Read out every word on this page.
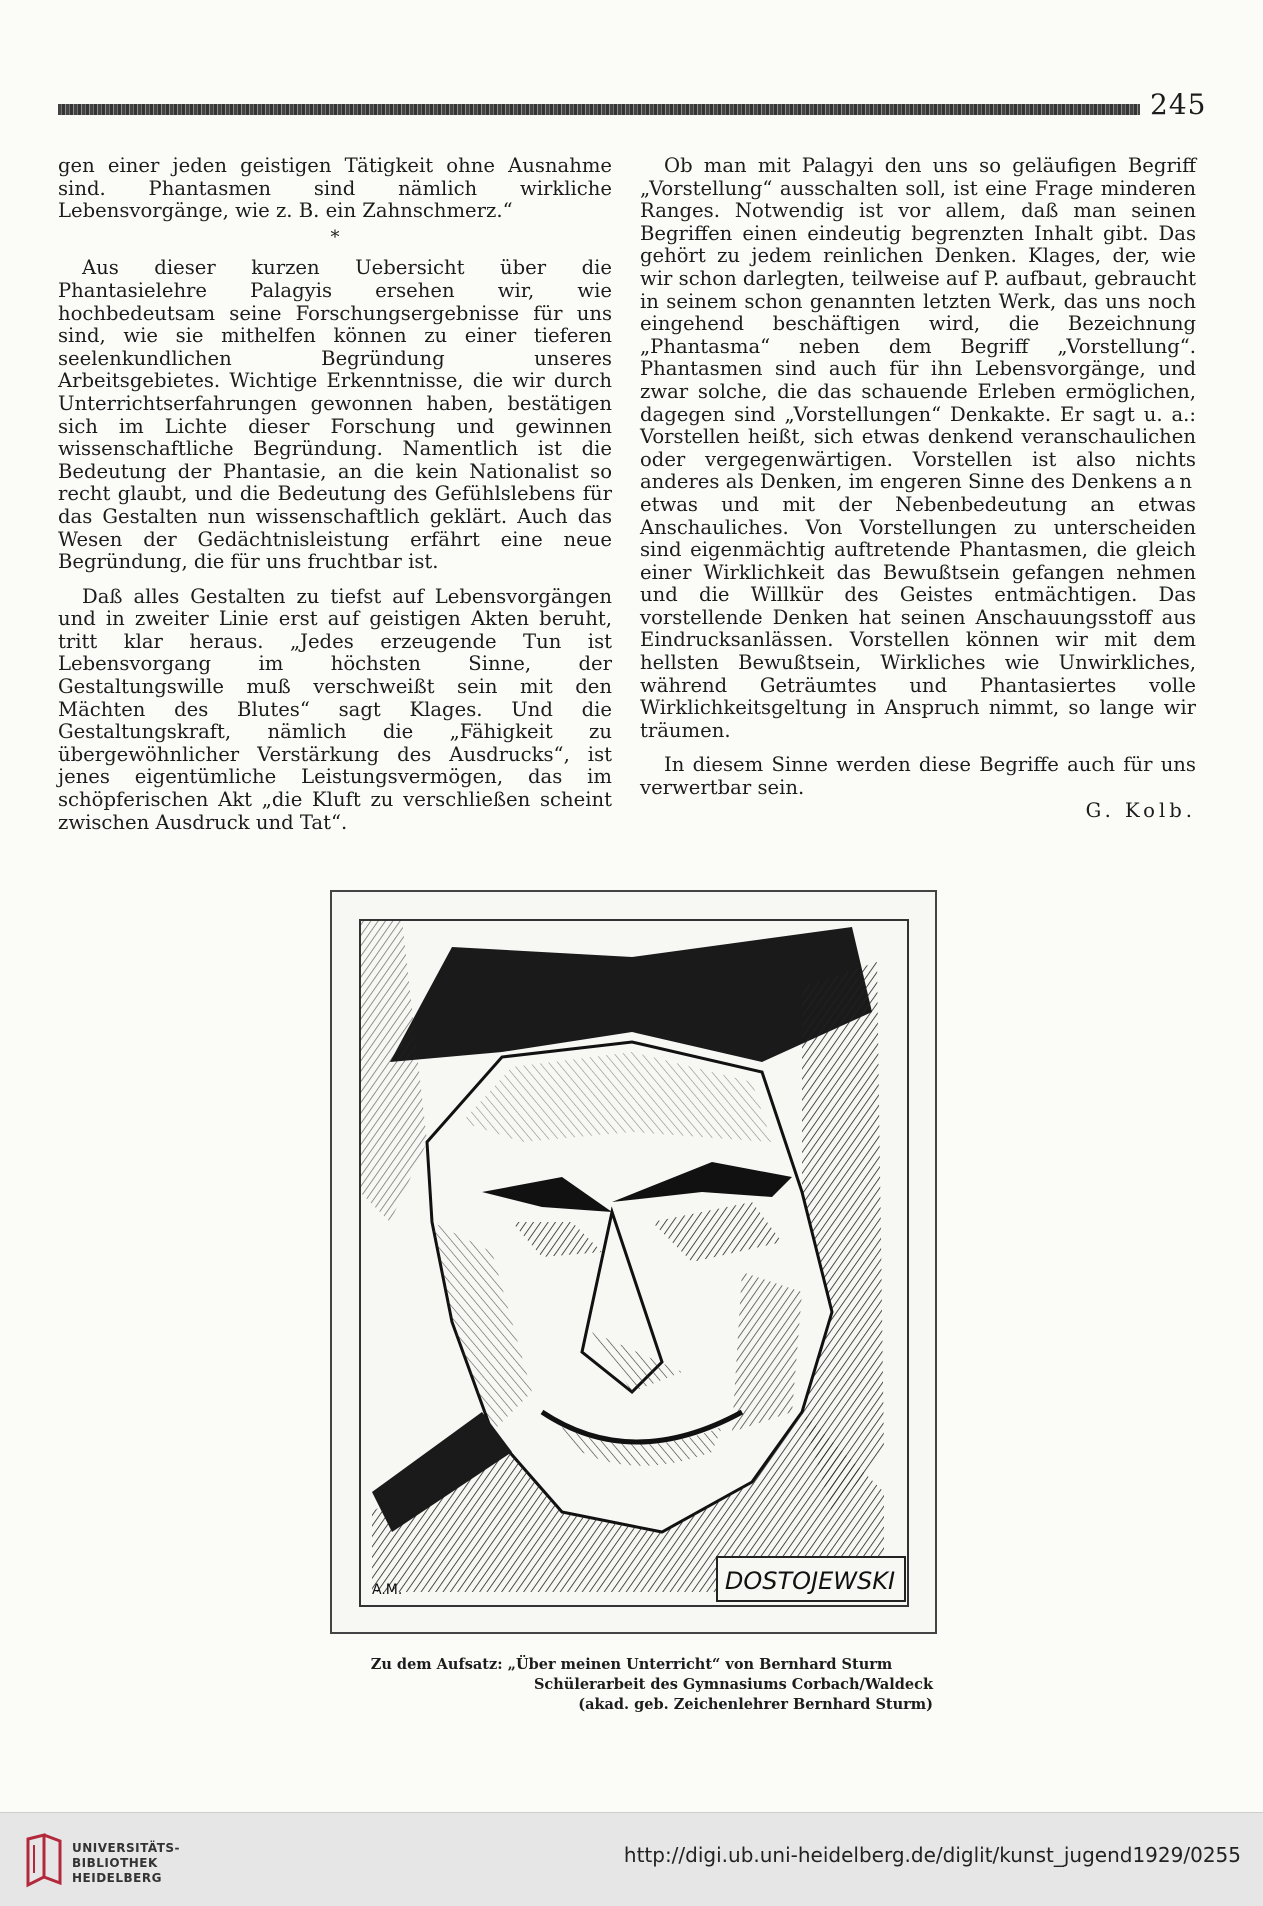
245

gen einer jeden geistigen Tätigkeit ohne Ausnahme sind. Phantasmen sind nämlich wirkliche Lebensvorgänge, wie z. B. ein Zahnschmerz.“

*

Aus dieser kurzen Uebersicht über die Phantasielehre Palagyis ersehen wir, wie hochbedeutsam seine Forschungsergebnisse für uns sind, wie sie mithelfen können zu einer tieferen seelenkundlichen Begründung unseres Arbeitsgebietes. Wichtige Erkenntnisse, die wir durch Unterrichtserfahrungen gewonnen haben, bestätigen sich im Lichte dieser Forschung und gewinnen wissenschaftliche Begründung. Namentlich ist die Bedeutung der Phantasie, an die kein Nationalist so recht glaubt, und die Bedeutung des Gefühlslebens für das Gestalten nun wissenschaftlich geklärt. Auch das Wesen der Gedächtnisleistung erfährt eine neue Begründung, die für uns fruchtbar ist.

Daß alles Gestalten zu tiefst auf Lebensvorgängen und in zweiter Linie erst auf geistigen Akten beruht, tritt klar heraus. „Jedes erzeugende Tun ist Lebensvorgang im höchsten Sinne, der Gestaltungswille muß verschweißt sein mit den Mächten des Blutes“ sagt Klages. Und die Gestaltungskraft, nämlich die „Fähigkeit zu übergewöhnlicher Verstärkung des Ausdrucks“, ist jenes eigentümliche Leistungsvermögen, das im schöpferischen Akt „die Kluft zu verschließen scheint zwischen Ausdruck und Tat“.

Ob man mit Palagyi den uns so geläufigen Begriff „Vorstellung“ ausschalten soll, ist eine Frage minderen Ranges. Notwendig ist vor allem, daß man seinen Begriffen einen eindeutig begrenzten Inhalt gibt. Das gehört zu jedem reinlichen Denken. Klages, der, wie wir schon darlegten, teilweise auf P. aufbaut, gebraucht in seinem schon genannten letzten Werk, das uns noch eingehend beschäftigen wird, die Bezeichnung „Phantasma“ neben dem Begriff „Vorstellung“. Phantasmen sind auch für ihn Lebensvorgänge, und zwar solche, die das schauende Erleben ermöglichen, dagegen sind „Vorstellungen“ Denkakte. Er sagt u. a.: Vorstellen heißt, sich etwas denkend veranschaulichen oder vergegenwärtigen. Vorstellen ist also nichts anderes als Denken, im engeren Sinne des Denkens an etwas und mit der Nebenbedeutung an etwas Anschauliches. Von Vorstellungen zu unterscheiden sind eigenmächtig auftretende Phantasmen, die gleich einer Wirklichkeit das Bewußtsein gefangen nehmen und die Willkür des Geistes entmächtigen. Das vorstellende Denken hat seinen Anschauungsstoff aus Eindrucksanlässen. Vorstellen können wir mit dem hellsten Bewußtsein, Wirkliches wie Unwirkliches, während Geträumtes und Phantasiertes volle Wirklichkeitsgeltung in Anspruch nimmt, so lange wir träumen.

In diesem Sinne werden diese Begriffe auch für uns verwertbar sein.

G. Kolb.
DOSTOJEWSKI
A.M.
Zu dem Aufsatz: „Über meinen Unterricht“ von Bernhard Sturm
Schülerarbeit des Gymnasiums Corbach/Waldeck
(akad. geb. Zeichenlehrer Bernhard Sturm)
UNIVERSITÄTS-
BIBLIOTHEK
HEIDELBERG
http://digi.ub.uni-heidelberg.de/diglit/kunst_jugend1929/0255
